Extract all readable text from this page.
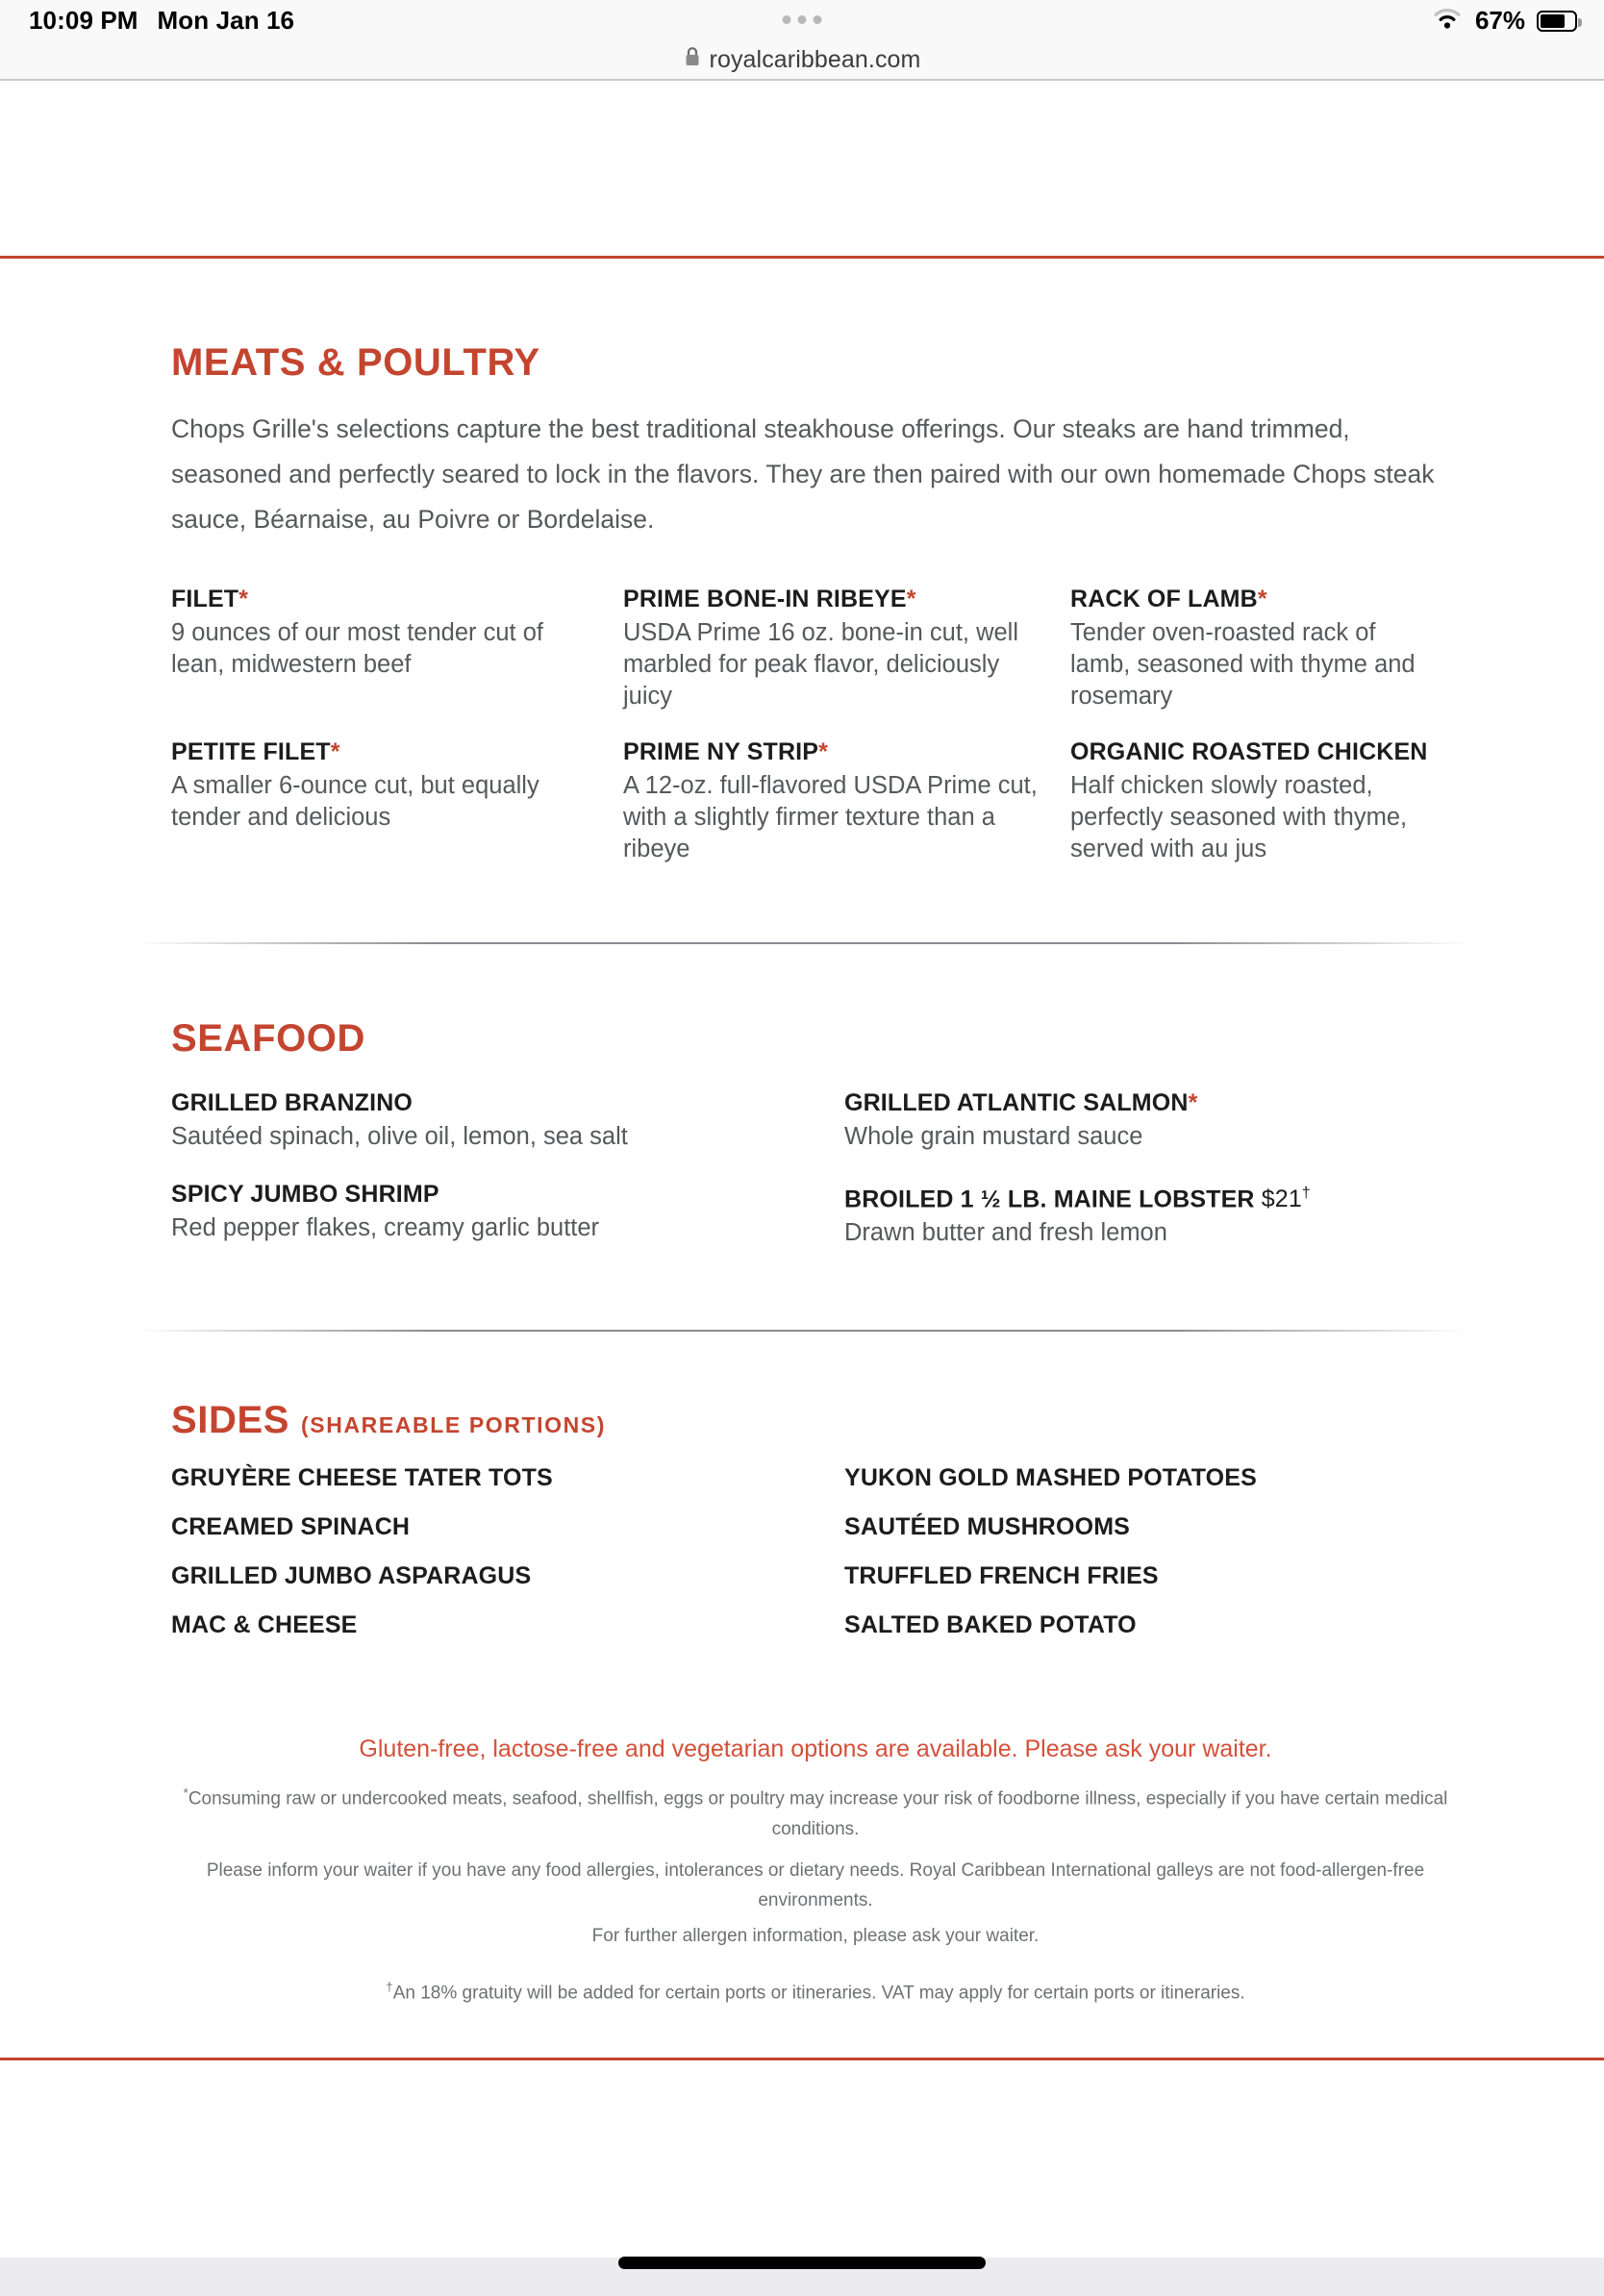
10:09 PM Mon Jan 16	67%
royalcaribbean.com
MEATS & POULTRY

Chops Grille's selections capture the best traditional steakhouse offerings. Our steaks are hand trimmed, seasoned and perfectly seared to lock in the flavors. They are then paired with our own homemade Chops steak sauce, Béarnaise, au Poivre or Bordelaise.

FILET*

9 ounces of our most tender cut of lean, midwestern beef

PRIME BONE-IN RIBEYE*

USDA Prime 16 oz. bone-in cut, well marbled for peak flavor, deliciously juicy

RACK OF LAMB*

Tender oven-roasted rack of lamb, seasoned with thyme and rosemary

PETITE FILET*

A smaller 6-ounce cut, but equally tender and delicious

PRIME NY STRIP*

A 12-oz. full-flavored USDA Prime cut, with a slightly firmer texture than a ribeye

ORGANIC ROASTED CHICKEN

Half chicken slowly roasted, perfectly seasoned with thyme, served with au jus

SEAFOOD

GRILLED BRANZINO

Sautéed spinach, olive oil, lemon, sea salt

GRILLED ATLANTIC SALMON*

Whole grain mustard sauce

SPICY JUMBO SHRIMP

Red pepper flakes, creamy garlic butter

BROILED 1 ½ LB. MAINE LOBSTER $21†

Drawn butter and fresh lemon

SIDES (SHAREABLE PORTIONS)

GRUYÈRE CHEESE TATER TOTS	YUKON GOLD MASHED POTATOES

CREAMED SPINACH	SAUTÉED MUSHROOMS

GRILLED JUMBO ASPARAGUS	TRUFFLED FRENCH FRIES

MAC & CHEESE	SALTED BAKED POTATO

Gluten-free, lactose-free and vegetarian options are available. Please ask your waiter.

*Consuming raw or undercooked meats, seafood, shellfish, eggs or poultry may increase your risk of foodborne illness, especially if you have certain medical conditions.

Please inform your waiter if you have any food allergies, intolerances or dietary needs. Royal Caribbean International galleys are not food-allergen-free environments.

For further allergen information, please ask your waiter.

†An 18% gratuity will be added for certain ports or itineraries. VAT may apply for certain ports or itineraries.
